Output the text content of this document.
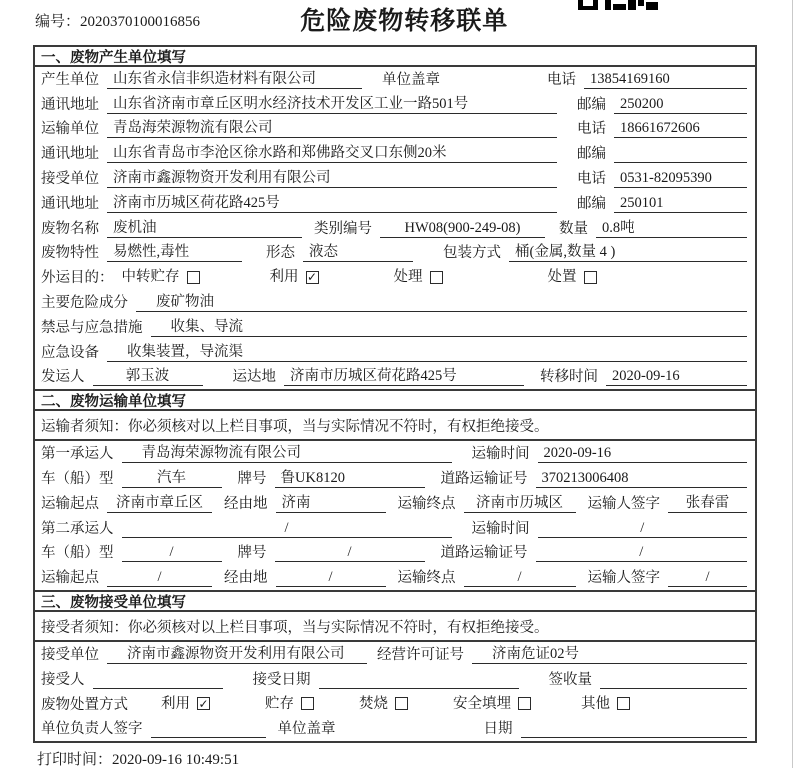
编号：2020370100016856	危险废物转移联单
一、废物产生单位填写
产生单位 山东省永信非织造材料有限公司	单位盖章	电话 13854169160
通讯地址 山东省济南市章丘区明水经济技术开发区工业一路501号	邮编 250200
运输单位 青岛海荣源物流有限公司	电话 18661672606
通讯地址 山东省青岛市李沧区徐水路和郑佛路交叉口东侧20米	邮编
接受单位 济南市鑫源物资开发利用有限公司	电话 0531-82095390
通讯地址 济南市历城区荷花路425号	邮编 250101
废物名称 废机油	类别编号	HW08(900-249-08)	数量 0.8吨
废物特性 易燃性,毒性	形态 液态	包装方式 桶(金属,数量 4 )
外运目的： 中转贮存	利用 ✓	处理	处置
主要危险成分	废矿物油
禁忌与应急措施	收集、导流
应急设备	收集装置，导流渠
发运人	郭玉波	运达地 济南市历城区荷花路425号	转移时间 2020-09-16
二、废物运输单位填写
运输者须知：你必须核对以上栏目事项，当与实际情况不符时，有权拒绝接受。
第一承运人	青岛海荣源物流有限公司	运输时间 2020-09-16
车（船）型	汽车	牌号 鲁UK8120	道路运输证号 370213006408
运输起点	济南市章丘区	经由地 济南	运输终点	济南市历城区	运输人签字	张春雷
第二承运人	/	运输时间	/
车（船）型	/	牌号	/	道路运输证号	/
运输起点	/	经由地	/	运输终点	/	运输人签字	/
三、废物接受单位填写
接受者须知：你必须核对以上栏目事项，当与实际情况不符时，有权拒绝接受。
接受单位	济南市鑫源物资开发利用有限公司	经营许可证号	济南危证02号
接受人	接受日期	签收量
废物处置方式	利用 ✓	贮存	焚烧	安全填埋	其他
单位负责人签字	单位盖章	日期
打印时间：2020-09-16 10:49:51
